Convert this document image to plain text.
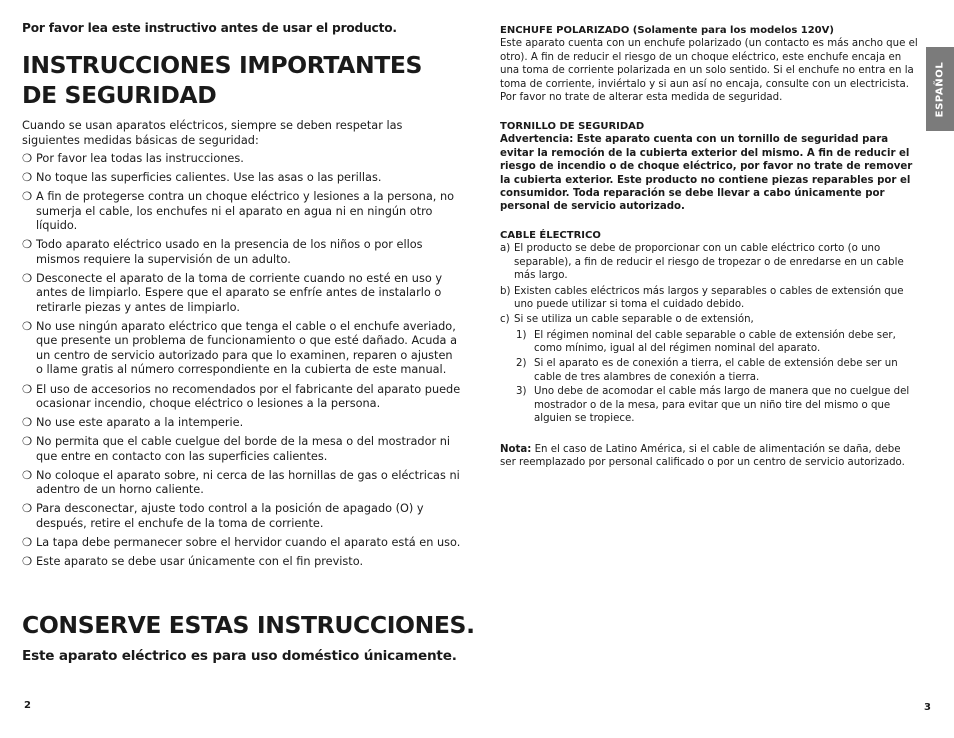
Por favor lea este instructivo antes de usar el producto.
INSTRUCCIONES IMPORTANTES
DE SEGURIDAD

Cuando se usan aparatos eléctricos, siempre se deben respetar las siguientes medidas básicas de seguridad:

❍ Por favor lea todas las instrucciones.
❍ No toque las superficies calientes. Use las asas o las perillas.
❍ A fin de protegerse contra un choque eléctrico y lesiones a la persona, no sumerja el cable, los enchufes ni el aparato en agua ni en ningún otro líquido.
❍ Todo aparato eléctrico usado en la presencia de los niños o por ellos mismos requiere la supervisión de un adulto.
❍ Desconecte el aparato de la toma de corriente cuando no esté en uso y antes de limpiarlo. Espere que el aparato se enfríe antes de instalarlo o retirarle piezas y antes de limpiarlo.
❍ No use ningún aparato eléctrico que tenga el cable o el enchufe averiado, que presente un problema de funcionamiento o que esté dañado. Acuda a un centro de servicio autorizado para que lo examinen, reparen o ajusten o llame gratis al número correspondiente en la cubierta de este manual.
❍ El uso de accesorios no recomendados por el fabricante del aparato puede ocasionar incendio, choque eléctrico o lesiones a la persona.
❍ No use este aparato a la intemperie.
❍ No permita que el cable cuelgue del borde de la mesa o del mostrador ni que entre en contacto con las superficies calientes.
❍ No coloque el aparato sobre, ni cerca de las hornillas de gas o eléctricas ni adentro de un horno caliente.
❍ Para desconectar, ajuste todo control a la posición de apagado (O) y después, retire el enchufe de la toma de corriente.
❍ La tapa debe permanecer sobre el hervidor cuando el aparato está en uso.
❍ Este aparato se debe usar únicamente con el fin previsto.
CONSERVE ESTAS INSTRUCCIONES.
Este aparato eléctrico es para uso doméstico únicamente.
2
ENCHUFE POLARIZADO (Solamente para los modelos 120V)

Este aparato cuenta con un enchufe polarizado (un contacto es más ancho que el otro). A fin de reducir el riesgo de un choque eléctrico, este enchufe encaja en una toma de corriente polarizada en un solo sentido. Si el enchufe no entra en la toma de corriente, inviértalo y si aun así no encaja, consulte con un electricista. Por favor no trate de alterar esta medida de seguridad.

TORNILLO DE SEGURIDAD

Advertencia: Este aparato cuenta con un tornillo de seguridad para evitar la remoción de la cubierta exterior del mismo. A fin de reducir el riesgo de incendio o de choque eléctrico, por favor no trate de remover la cubierta exterior. Este producto no contiene piezas reparables por el consumidor. Toda reparación se debe llevar a cabo únicamente por personal de servicio autorizado.

CABLE ÉLECTRICO
a) El producto se debe de proporcionar con un cable eléctrico corto (o uno separable), a fin de reducir el riesgo de tropezar o de enredarse en un cable más largo.
b) Existen cables eléctricos más largos y separables o cables de extensión que uno puede utilizar si toma el cuidado debido.
c) Si se utiliza un cable separable o de extensión,
1) El régimen nominal del cable separable o cable de extensión debe ser, como mínimo, igual al del régimen nominal del aparato.
2) Si el aparato es de conexión a tierra, el cable de extensión debe ser un cable de tres alambres de conexión a tierra.
3) Uno debe de acomodar el cable más largo de manera que no cuelgue del mostrador o de la mesa, para evitar que un niño tire del mismo o que alguien se tropiece.

Nota: En el caso de Latino América, si el cable de alimentación se daña, debe ser reemplazado por personal calificado o por un centro de servicio autorizado.

ESPAÑOL
3
